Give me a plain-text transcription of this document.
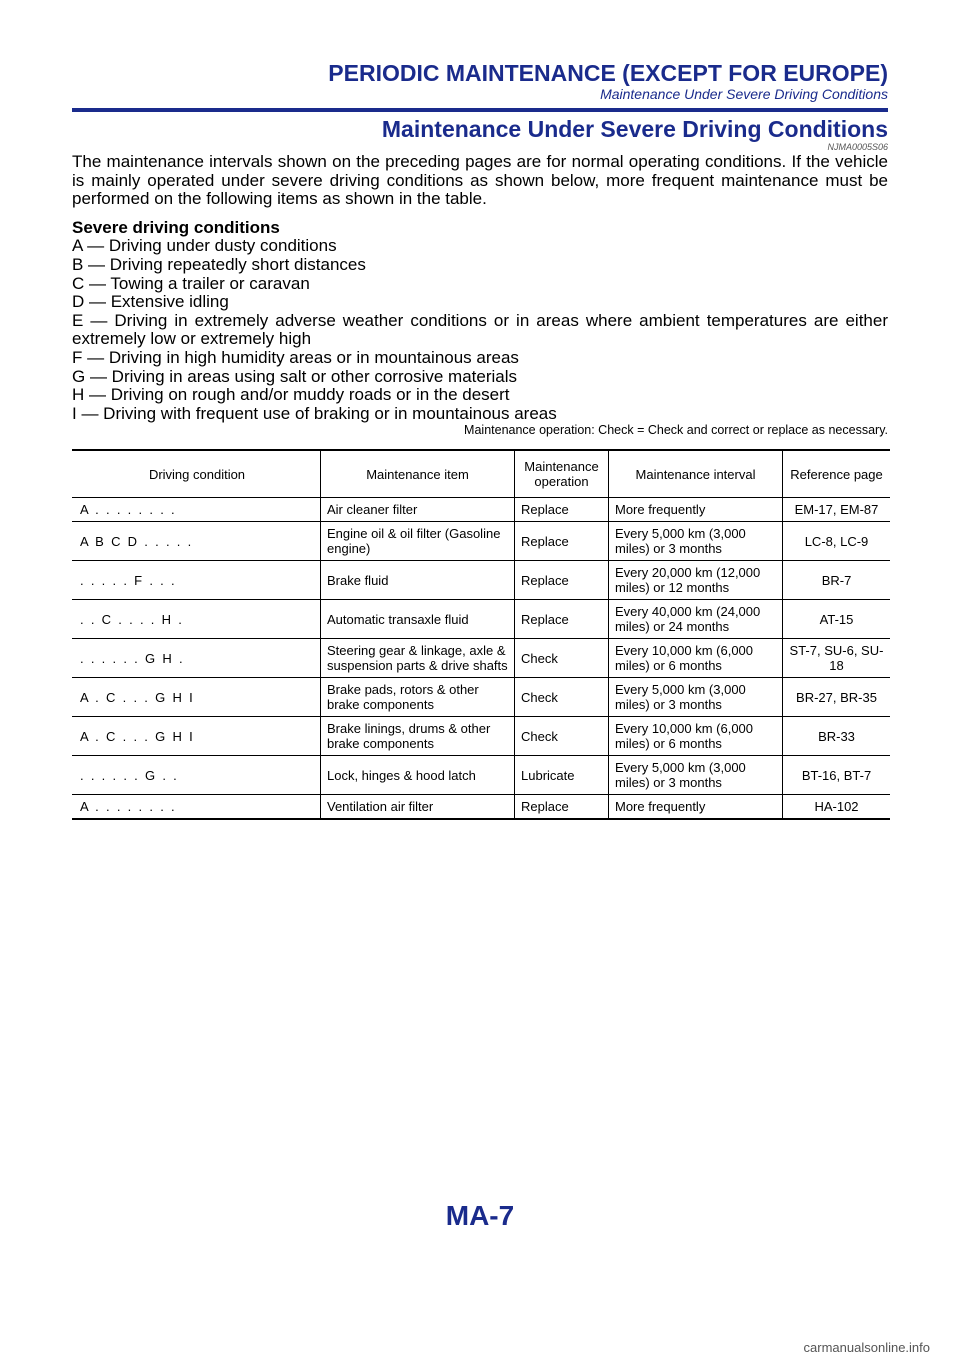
PERIODIC MAINTENANCE (EXCEPT FOR EUROPE)
Maintenance Under Severe Driving Conditions
Maintenance Under Severe Driving Conditions
NJMA0005S06

The maintenance intervals shown on the preceding pages are for normal operating conditions. If the vehicle is mainly operated under severe driving conditions as shown below, more frequent maintenance must be performed on the following items as shown in the table.

Severe driving conditions

A — Driving under dusty conditions

B — Driving repeatedly short distances

C — Towing a trailer or caravan

D — Extensive idling

E — Driving in extremely adverse weather conditions or in areas where ambient temperatures are either extremely low or extremely high

F — Driving in high humidity areas or in mountainous areas

G — Driving in areas using salt or other corrosive materials

H — Driving on rough and/or muddy roads or in the desert

I — Driving with frequent use of braking or in mountainous areas

Maintenance operation: Check = Check and correct or replace as necessary.
Driving condition	Maintenance item	Maintenance operation	Maintenance interval	Reference page
A  .  .  .  .  .  .  .  .	Air cleaner filter	Replace	More frequently	EM-17, EM-87
A  B  C  D  .  .  .  .  .	Engine oil & oil filter (Gasoline engine)	Replace	Every 5,000 km (3,000 miles) or 3 months	LC-8, LC-9
.  .  .  .  .  F  .  .  .	Brake fluid	Replace	Every 20,000 km (12,000 miles) or 12 months	BR-7
.  .  C  .  .  .  .  H  .	Automatic transaxle fluid	Replace	Every 40,000 km (24,000 miles) or 24 months	AT-15
.  .  .  .  .  .  G  H  .	Steering gear & linkage, axle & suspension parts & drive shafts	Check	Every 10,000 km (6,000 miles) or 6 months	ST-7, SU-6, SU-18
A  .  C  .  .  .  G  H  I	Brake pads, rotors & other brake components	Check	Every 5,000 km (3,000 miles) or 3 months	BR-27, BR-35
A  .  C  .  .  .  G  H  I	Brake linings, drums & other brake components	Check	Every 10,000 km (6,000 miles) or 6 months	BR-33
.  .  .  .  .  .  G  .  .	Lock, hinges & hood latch	Lubricate	Every 5,000 km (3,000 miles) or 3 months	BT-16, BT-7
A  .  .  .  .  .  .  .  .	Ventilation air filter	Replace	More frequently	HA-102
MA-7
carmanualsonline.info
